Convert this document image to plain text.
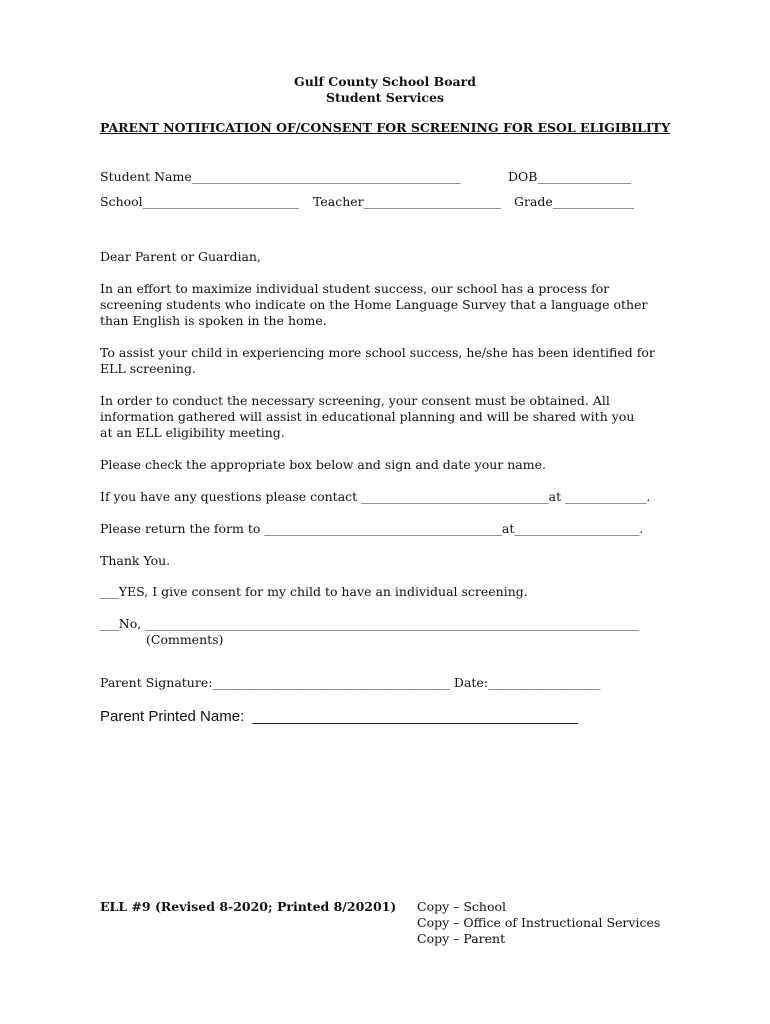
Gulf County School Board
Student Services
PARENT NOTIFICATION OF/CONSENT FOR SCREENING FOR ESOL ELIGIBILITY
Student Name___________________________________________	DOB_______________
School_________________________ Teacher______________________ Grade_____________
Dear Parent or Guardian,
In an effort to maximize individual student success, our school has a process for
screening students who indicate on the Home Language Survey that a language other
than English is spoken in the home.
To assist your child in experiencing more school success, he/she has been identified for
ELL screening.
In order to conduct the necessary screening, your consent must be obtained. All
information gathered will assist in educational planning and will be shared with you
at an ELL eligibility meeting.
Please check the appropriate box below and sign and date your name.
If you have any questions please contact ______________________________at _____________.
Please return the form to ______________________________________at____________________.
Thank You.
___YES, I give consent for my child to have an individual screening.
___No, _______________________________________________________________________________
(Comments)
Parent Signature:______________________________________ Date:__________________
Parent Printed Name:  _______________________________________
ELL #9 (Revised 8-2020; Printed 8/20201) Copy – School
Copy – Office of Instructional Services
Copy – Parent
